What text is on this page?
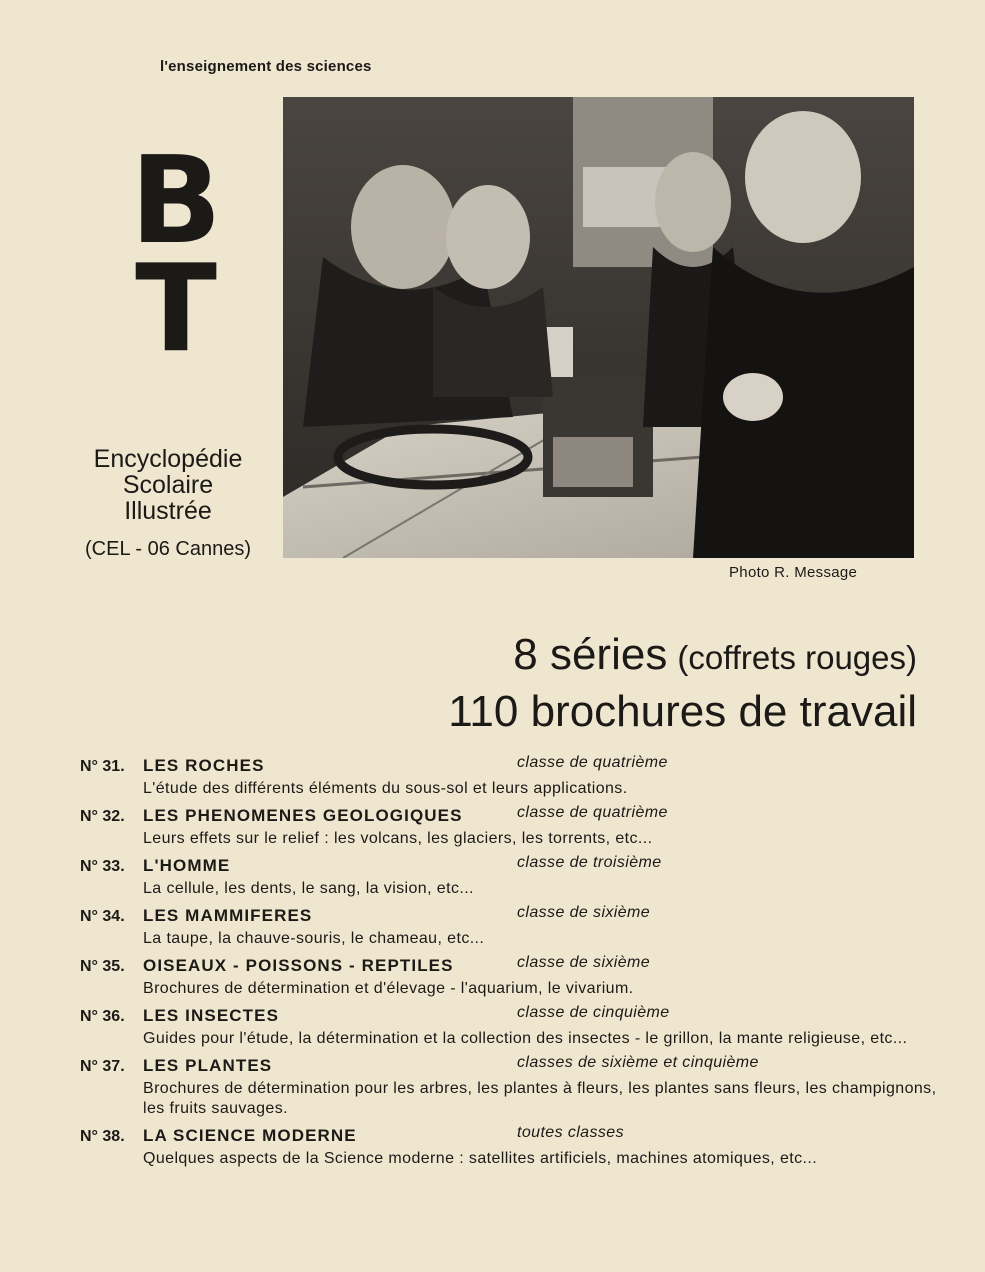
l'enseignement des sciences
B
T
Encyclopédie
Scolaire
Illustrée
(CEL - 06 Cannes)
Photo R. Message
8 séries (coffrets rouges)
110 brochures de travail
N° 31.	LES ROCHES	classe de quatrième
L'étude des différents éléments du sous-sol et leurs applications.
N° 32.	LES PHENOMENES GEOLOGIQUES	classe de quatrième
Leurs effets sur le relief : les volcans, les glaciers, les torrents, etc...
N° 33.	L'HOMME	classe de troisième
La cellule, les dents, le sang, la vision, etc...
N° 34.	LES MAMMIFERES	classe de sixième
La taupe, la chauve-souris, le chameau, etc...
N° 35.	OISEAUX - POISSONS - REPTILES	classe de sixième
Brochures de détermination et d'élevage - l'aquarium, le vivarium.
N° 36.	LES INSECTES	classe de cinquième
Guides pour l'étude, la détermination et la collection des insectes - le grillon, la mante religieuse, etc...
N° 37.	LES PLANTES	classes de sixième et cinquième
Brochures de détermination pour les arbres, les plantes à fleurs, les plantes sans fleurs, les champignons, les fruits sauvages.
N° 38.	LA SCIENCE MODERNE	toutes classes
Quelques aspects de la Science moderne : satellites artificiels, machines atomiques, etc...
